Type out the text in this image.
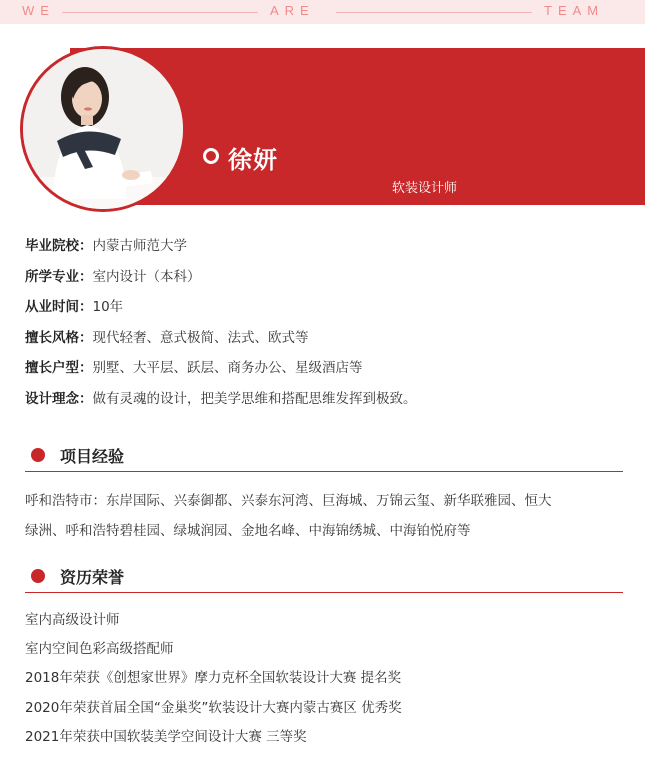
WE	ARE	TEAM
徐妍
软装设计师
毕业院校：内蒙古师范大学
所学专业：室内设计（本科）
从业时间：10年
擅长风格：现代轻奢、意式极简、法式、欧式等
擅长户型：别墅、大平层、跃层、商务办公、星级酒店等
设计理念：做有灵魂的设计，把美学思维和搭配思维发挥到极致。
项目经验
呼和浩特市：东岸国际、兴泰御都、兴泰东河湾、巨海城、万锦云玺、新华联雅园、恒大
绿洲、呼和浩特碧桂园、绿城润园、金地名峰、中海锦绣城、中海铂悦府等
资历荣誉
室内高级设计师
室内空间色彩高级搭配师
2018年荣获《创想家世界》摩力克杯全国软装设计大赛 提名奖
2020年荣获首届全国“金巢奖”软装设计大赛内蒙古赛区 优秀奖
2021年荣获中国软装美学空间设计大赛 三等奖
